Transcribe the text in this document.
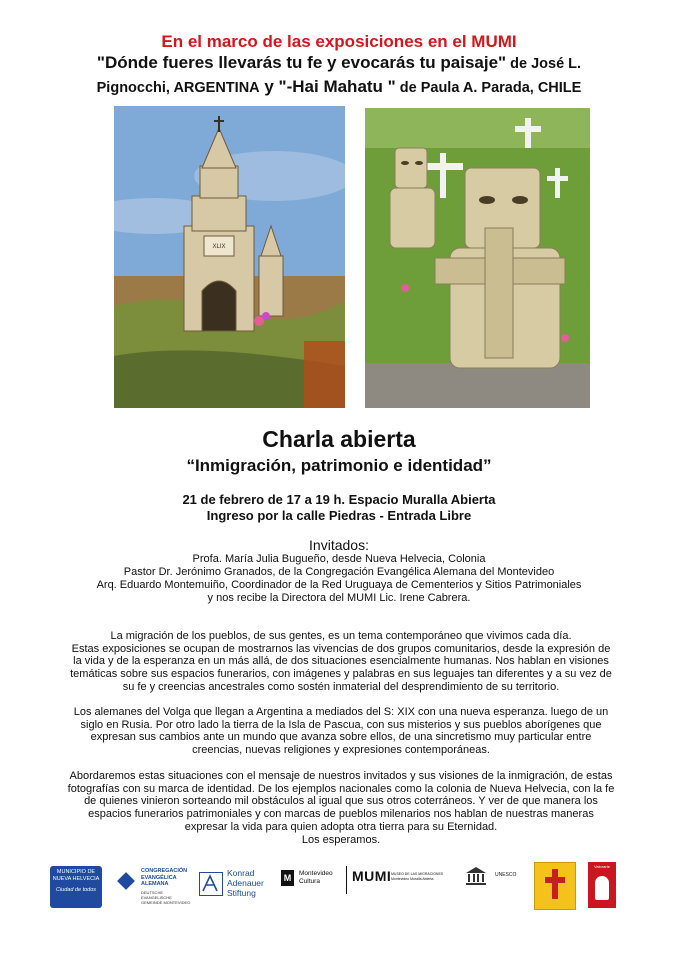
En el marco de las exposiciones en el MUMI
"Dónde fueres llevarás tu fe y evocarás tu paisaje" de José L.
Pignocchi, ARGENTINA y "-Hai Mahatu " de Paula A. Parada, CHILE
XLIX
Charla abierta
“Inmigración, patrimonio e identidad”
21 de febrero de 17 a 19 h. Espacio Muralla Abierta
Ingreso por la calle Piedras - Entrada Libre
Invitados:
Profa. María Julia Bugueño, desde Nueva Helvecia, Colonia
Pastor Dr. Jerónimo Granados, de la Congregación Evangélica Alemana del Montevideo
Arq. Eduardo Montemuiño, Coordinador de la Red Uruguaya de Cementerios y Sitios Patrimoniales
y nos recibe la Directora del MUMI Lic. Irene Cabrera.
La migración de los pueblos, de sus gentes, es un tema contemporáneo que vivimos cada día.
Estas exposiciones se ocupan de mostrarnos las vivencias de dos grupos comunitarios, desde la expresión de
la vida y de la esperanza en un más allá, de dos situaciones esencialmente humanas. Nos hablan en visiones
temáticas sobre sus espacios funerarios, con imágenes y palabras en sus leguajes tan diferentes y a su vez de
su fe y creencias ancestrales como sostén inmaterial del desprendimiento de su territorio.
Los alemanes del Volga que llegan a Argentina a mediados del S: XIX con una nueva esperanza. luego de un
siglo en Rusia. Por otro lado la tierra de la Isla de Pascua, con sus misterios y sus pueblos aborígenes que
expresan sus cambios ante un mundo que avanza sobre ellos, de una sincretismo muy particular entre
creencias, nuevas religiones y expresiones contemporáneas.
Abordaremos estas situaciones con el mensaje de nuestros invitados y sus visiones de la inmigración, de estas
fotografías con su marca de identidad. De los ejemplos nacionales como la colonia de Nueva Helvecia, con la fe
de quienes vinieron sorteando mil obstáculos al igual que sus otros coterráneos. Y ver de que manera los
espacios funerarios patrimoniales y con marcas de pueblos milenarios nos hablan de nuestras maneras
expresar la vida para quien adopta otra tierra para su Eternidad.
Los esperamos.
MUNICIPIO DE NUEVA HELVECIA
Ciudad de todos
CONGREGACIÓN
EVANGÉLICA
ALEMANA
DEUTSCHE EVANGELISCHE
GEMEINDE MONTEVIDEO
Konrad
Adenauer
Stiftung
M	Montevideo
Cultura	MUMI MUSEO DE LAS MIGRACIONES
Montevideo Muralla Abierta
UNESCO
Valorarte
